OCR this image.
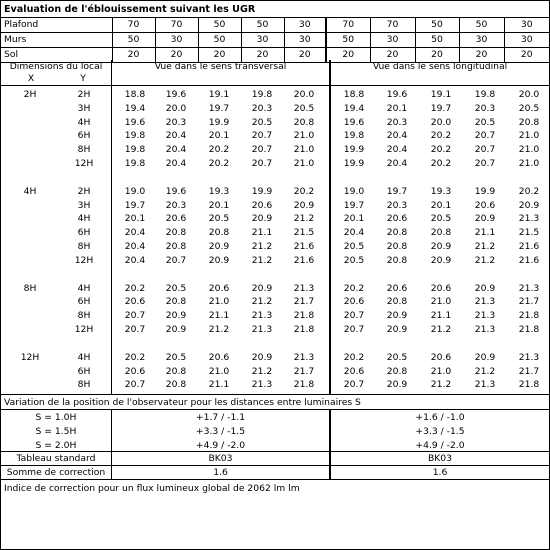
Evaluation de l'éblouissement suivant les UGR
Plafond	70	70	50	50	30	70	70	50	50	30
Murs	50	30	50	30	30	50	30	50	30	30
Sol	20	20	20	20	20	20	20	20	20	20
Dimensions du local
X	Y
Vue dans le sens transversal	Vue dans le sens longitudinal
2H	2H	18.8	19.6	19.1	19.8	20.0	18.8	19.6	19.1	19.8	20.0
3H	19.4	20.0	19.7	20.3	20.5	19.4	20.1	19.7	20.3	20.5
4H	19.6	20.3	19.9	20.5	20.8	19.6	20.3	20.0	20.5	20.8
6H	19.8	20.4	20.1	20.7	21.0	19.8	20.4	20.2	20.7	21.0
8H	19.8	20.4	20.2	20.7	21.0	19.9	20.4	20.2	20.7	21.0
12H	19.8	20.4	20.2	20.7	21.0	19.9	20.4	20.2	20.7	21.0
4H	2H	19.0	19.6	19.3	19.9	20.2	19.0	19.7	19.3	19.9	20.2
3H	19.7	20.3	20.1	20.6	20.9	19.7	20.3	20.1	20.6	20.9
4H	20.1	20.6	20.5	20.9	21.2	20.1	20.6	20.5	20.9	21.3
6H	20.4	20.8	20.8	21.1	21.5	20.4	20.8	20.8	21.1	21.5
8H	20.4	20.8	20.9	21.2	21.6	20.5	20.8	20.9	21.2	21.6
12H	20.4	20.7	20.9	21.2	21.6	20.5	20.8	20.9	21.2	21.6
8H	4H	20.2	20.5	20.6	20.9	21.3	20.2	20.6	20.6	20.9	21.3
6H	20.6	20.8	21.0	21.2	21.7	20.6	20.8	21.0	21.3	21.7
8H	20.7	20.9	21.1	21.3	21.8	20.7	20.9	21.1	21.3	21.8
12H	20.7	20.9	21.2	21.3	21.8	20.7	20.9	21.2	21.3	21.8
12H	4H	20.2	20.5	20.6	20.9	21.3	20.2	20.5	20.6	20.9	21.3
6H	20.6	20.8	21.0	21.2	21.7	20.6	20.8	21.0	21.2	21.7
8H	20.7	20.8	21.1	21.3	21.8	20.7	20.9	21.2	21.3	21.8
Variation de la position de l'observateur pour les distances entre luminaires S
S = 1.0H	+1.7 / -1.1	+1.6 / -1.0
S = 1.5H	+3.3 / -1.5	+3.3 / -1.5
S = 2.0H	+4.9 / -2.0	+4.9 / -2.0
Tableau standard	BK03	BK03
Somme de correction	1.6	1.6
Indice de correction pour un flux lumineux global de 2062 lm lm
